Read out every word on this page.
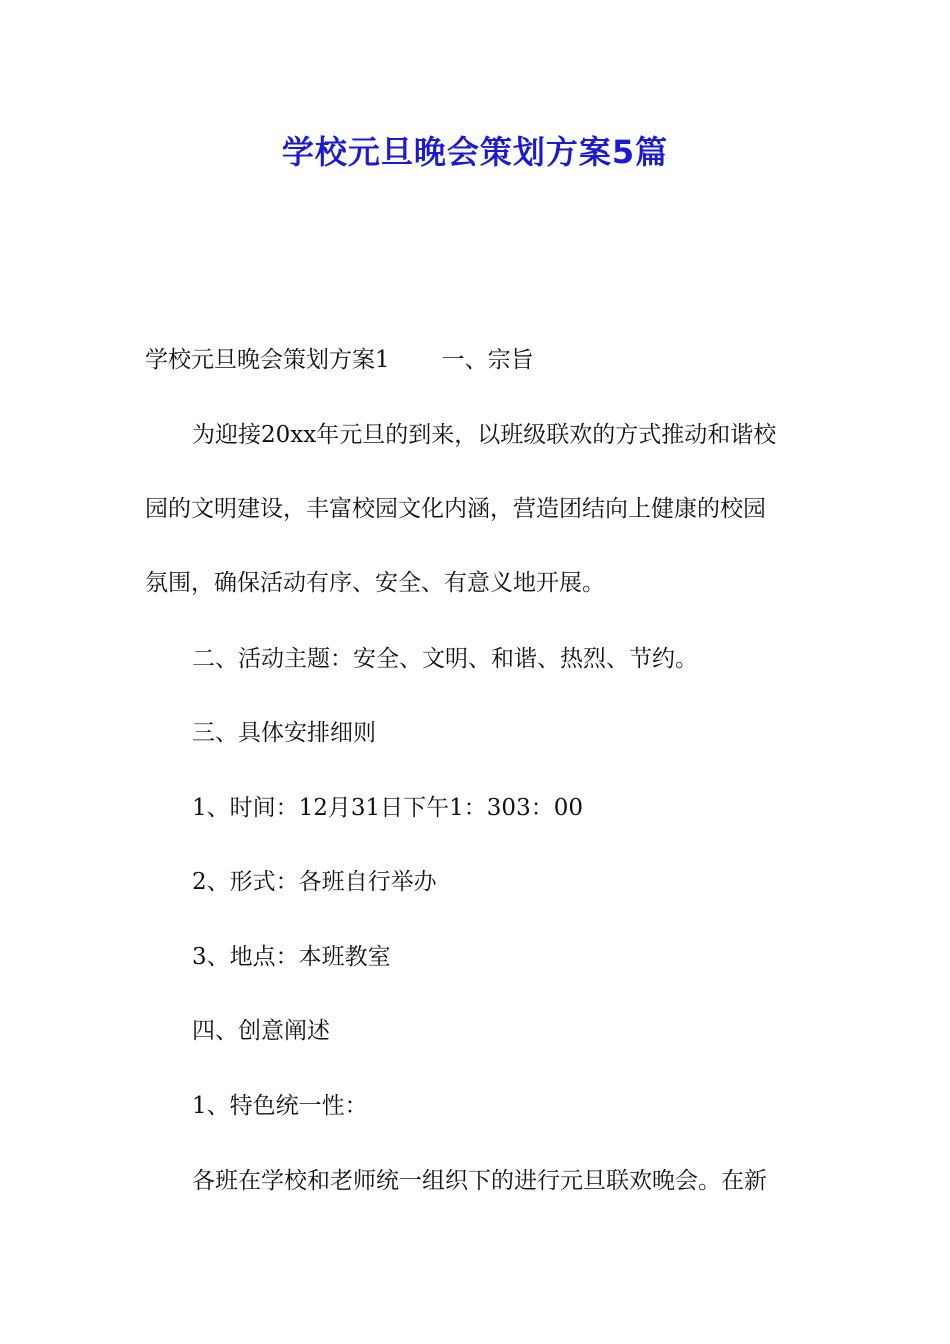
学校元旦晚会策划方案5篇

学校元旦晚会策划方案1 一、宗旨

为迎接20xx年元旦的到来，以班级联欢的方式推动和谐校

园的文明建设，丰富校园文化内涵，营造团结向上健康的校园

氛围，确保活动有序、安全、有意义地开展。

二、活动主题：安全、文明、和谐、热烈、节约。

三、具体安排细则

1、时间：12月31日下午1：303：00

2、形式：各班自行举办

3、地点：本班教室

四、创意阐述

1、特色统一性：

各班在学校和老师统一组织下的进行元旦联欢晚会。在新
